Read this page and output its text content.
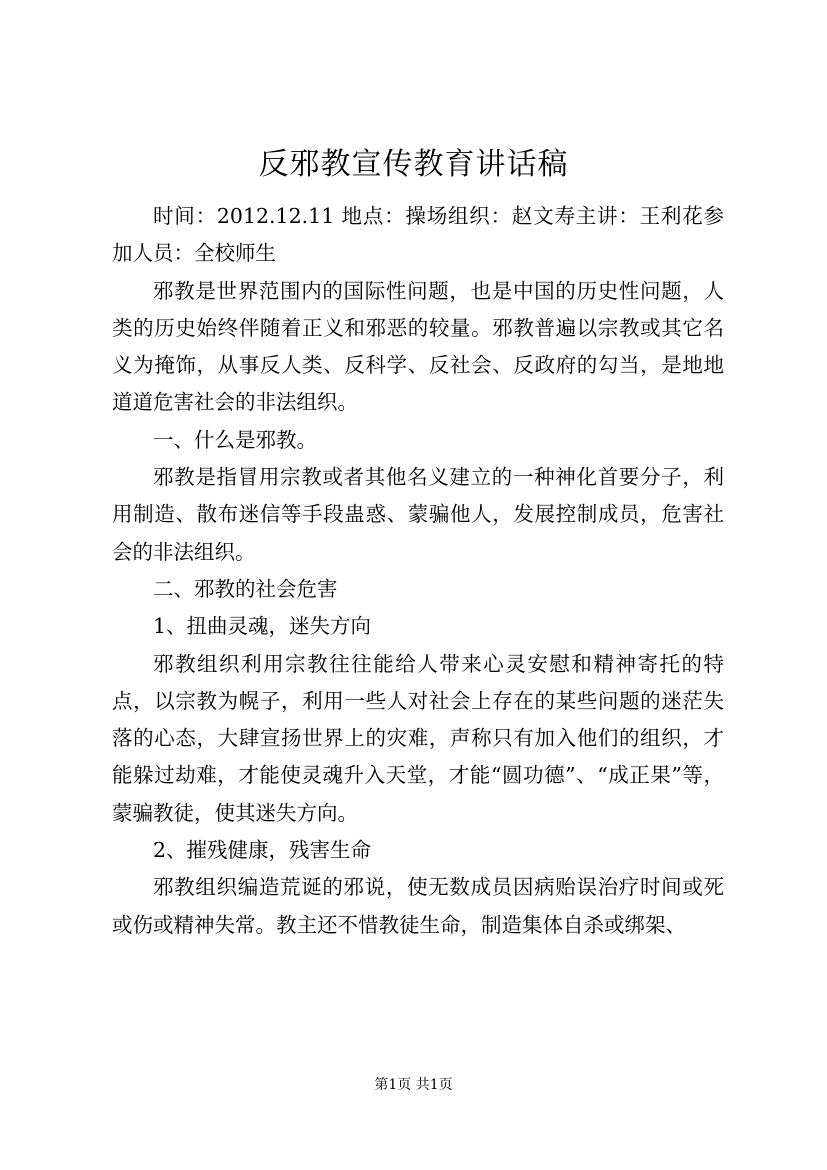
反邪教宣传教育讲话稿

时间：2012.12.11 地点：操场组织：赵文寿主讲：王利花参加人员：全校师生

邪教是世界范围内的国际性问题，也是中国的历史性问题，人类的历史始终伴随着正义和邪恶的较量。邪教普遍以宗教或其它名义为掩饰，从事反人类、反科学、反社会、反政府的勾当，是地地道道危害社会的非法组织。

一、什么是邪教。

邪教是指冒用宗教或者其他名义建立的一种神化首要分子，利用制造、散布迷信等手段蛊惑、蒙骗他人，发展控制成员，危害社会的非法组织。

二、邪教的社会危害

1、扭曲灵魂，迷失方向

邪教组织利用宗教往往能给人带来心灵安慰和精神寄托的特点，以宗教为幌子，利用一些人对社会上存在的某些问题的迷茫失落的心态，大肆宣扬世界上的灾难，声称只有加入他们的组织，才能躲过劫难，才能使灵魂升入天堂，才能“圆功德”、“成正果”等，蒙骗教徒，使其迷失方向。

2、摧残健康，残害生命

邪教组织编造荒诞的邪说，使无数成员因病贻误治疗时间或死或伤或精神失常。教主还不惜教徒生命，制造集体自杀或绑架、

第1页 共1页
